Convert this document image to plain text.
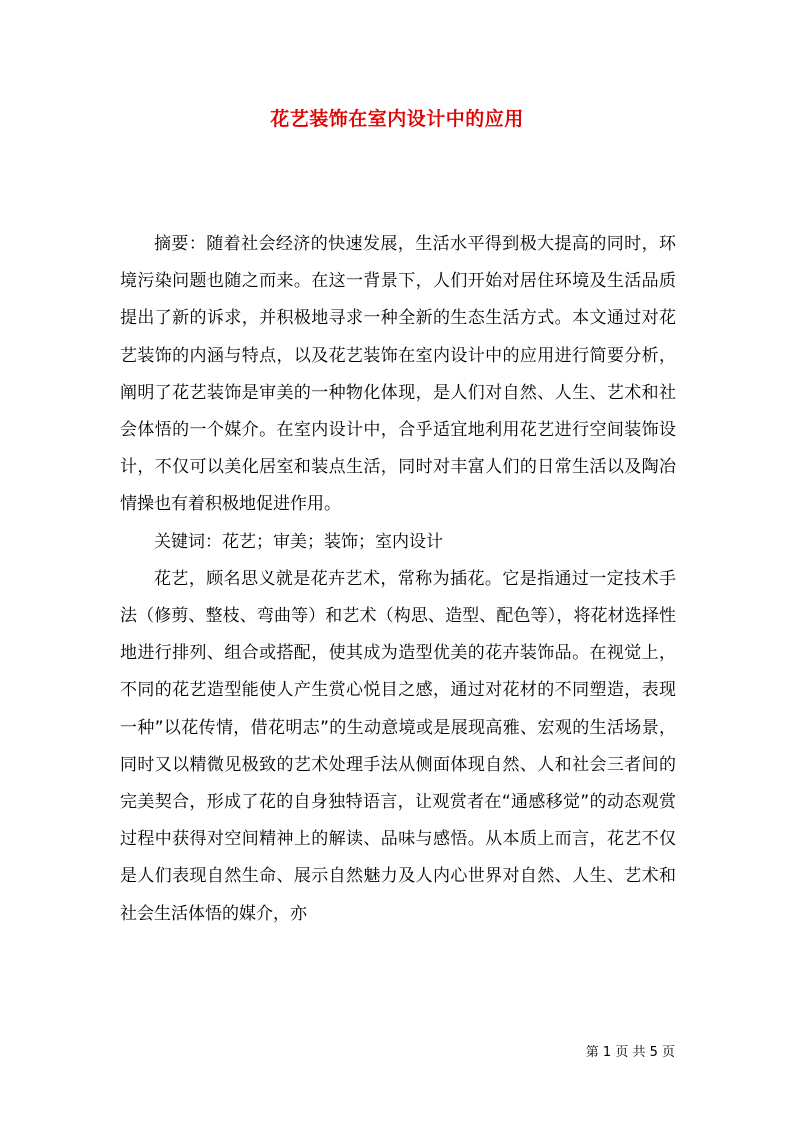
花艺装饰在室内设计中的应用

摘要：随着社会经济的快速发展，生活水平得到极大提高的同时，环境污染问题也随之而来。在这一背景下，人们开始对居住环境及生活品质提出了新的诉求，并积极地寻求一种全新的生态生活方式。本文通过对花艺装饰的内涵与特点，以及花艺装饰在室内设计中的应用进行简要分析，阐明了花艺装饰是审美的一种物化体现，是人们对自然、人生、艺术和社会体悟的一个媒介。在室内设计中，合乎适宜地利用花艺进行空间装饰设计，不仅可以美化居室和装点生活，同时对丰富人们的日常生活以及陶冶情操也有着积极地促进作用。

关键词：花艺；审美；装饰；室内设计

花艺，顾名思义就是花卉艺术，常称为插花。它是指通过一定技术手法（修剪、整枝、弯曲等）和艺术（构思、造型、配色等），将花材选择性地进行排列、组合或搭配，使其成为造型优美的花卉装饰品。在视觉上，不同的花艺造型能使人产生赏心悦目之感，通过对花材的不同塑造，表现一种”以花传情，借花明志”的生动意境或是展现高雅、宏观的生活场景，同时又以精微见极致的艺术处理手法从侧面体现自然、人和社会三者间的完美契合，形成了花的自身独特语言，让观赏者在“通感移觉”的动态观赏过程中获得对空间精神上的解读、品味与感悟。从本质上而言，花艺不仅是人们表现自然生命、展示自然魅力及人内心世界对自然、人生、艺术和社会生活体悟的媒介，亦

第 1 页 共 5 页
